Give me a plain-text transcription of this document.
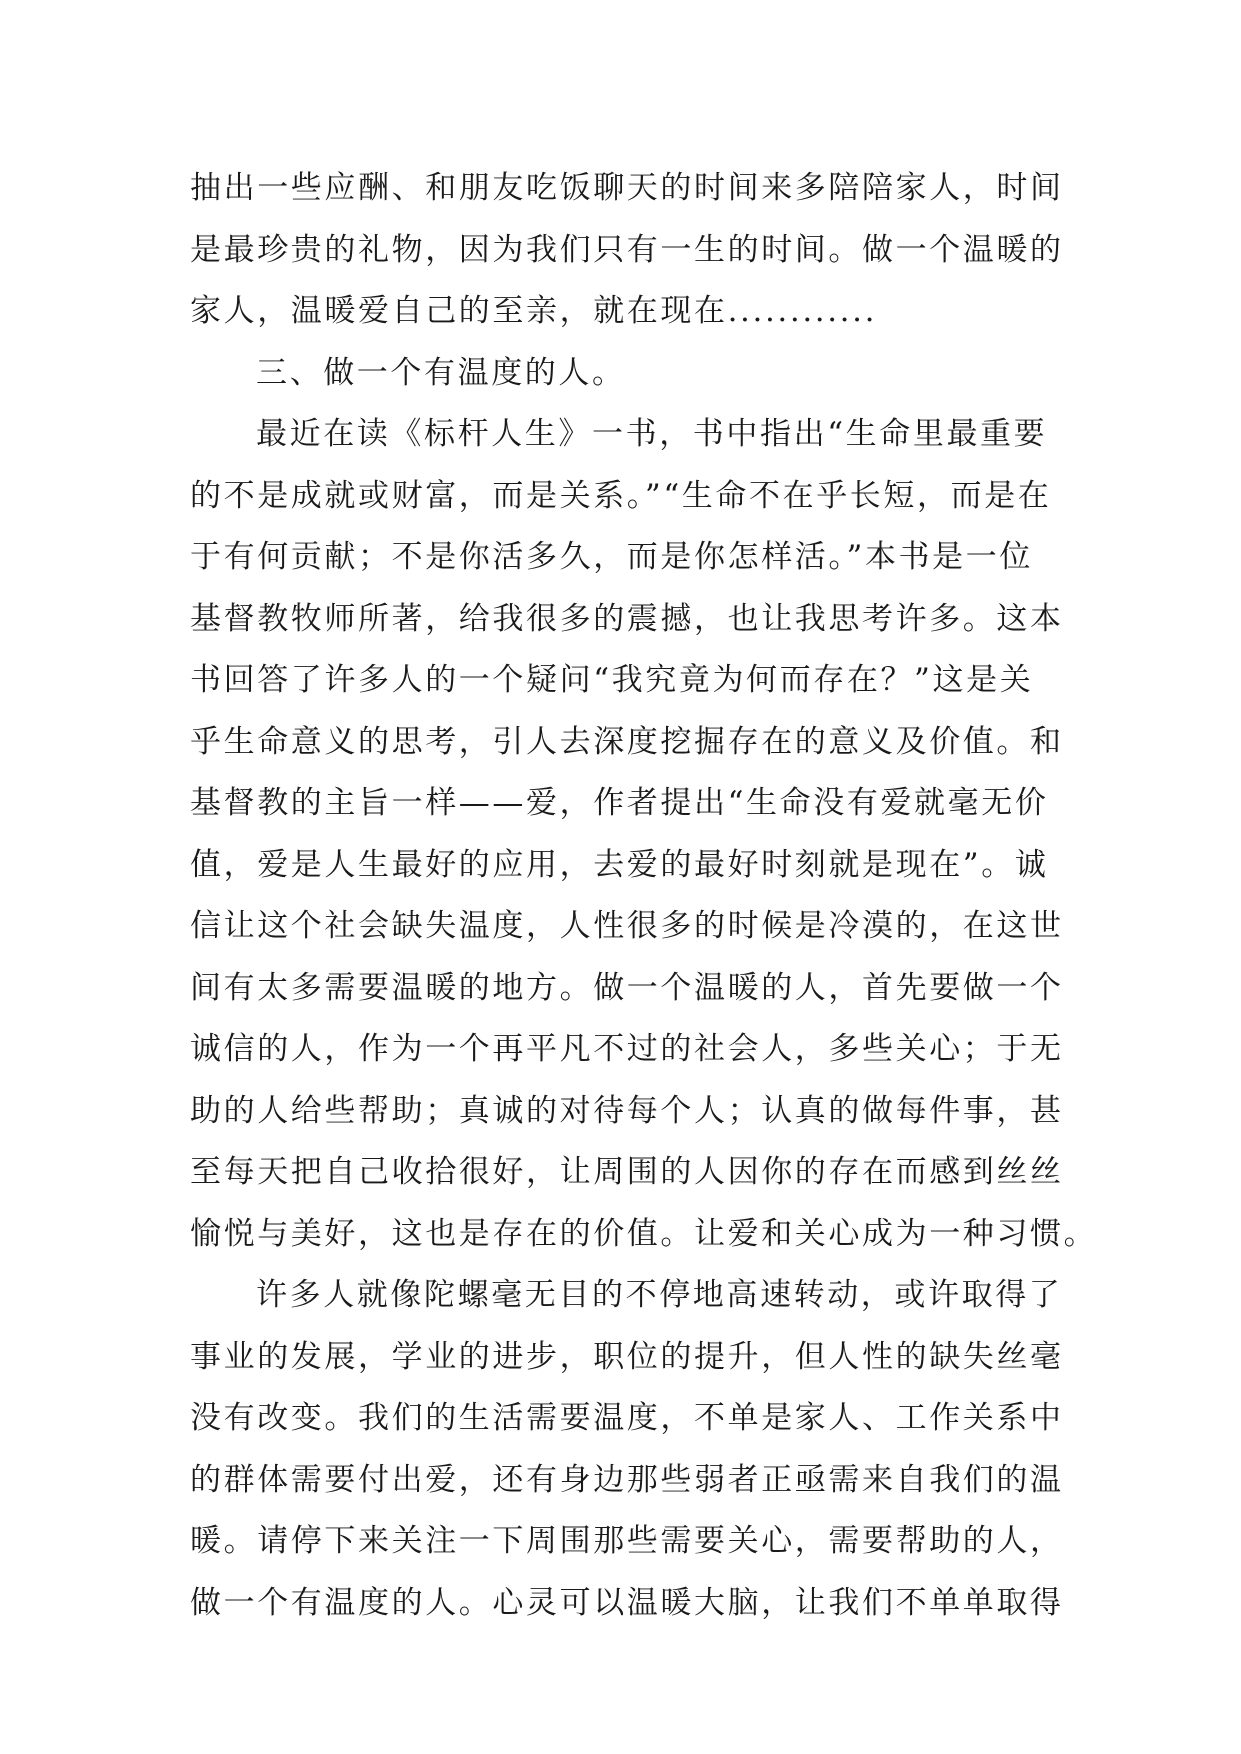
抽出一些应酬、和朋友吃饭聊天的时间来多陪陪家人，时间
是最珍贵的礼物，因为我们只有一生的时间。做一个温暖的
家人，温暖爱自己的至亲，就在现在............
三、做一个有温度的人。
最近在读《标杆人生》一书，书中指出“生命里最重要
的不是成就或财富，而是关系。”“生命不在乎长短，而是在
于有何贡献；不是你活多久，而是你怎样活。”本书是一位
基督教牧师所著，给我很多的震撼，也让我思考许多。这本
书回答了许多人的一个疑问“我究竟为何而存在？”这是关
乎生命意义的思考，引人去深度挖掘存在的意义及价值。和
基督教的主旨一样——爱，作者提出“生命没有爱就毫无价
值，爱是人生最好的应用，去爱的最好时刻就是现在”。诚
信让这个社会缺失温度，人性很多的时候是冷漠的，在这世
间有太多需要温暖的地方。做一个温暖的人，首先要做一个
诚信的人，作为一个再平凡不过的社会人，多些关心；于无
助的人给些帮助；真诚的对待每个人；认真的做每件事，甚
至每天把自己收拾很好，让周围的人因你的存在而感到丝丝
愉悦与美好，这也是存在的价值。让爱和关心成为一种习惯。
许多人就像陀螺毫无目的不停地高速转动，或许取得了
事业的发展，学业的进步，职位的提升，但人性的缺失丝毫
没有改变。我们的生活需要温度，不单是家人、工作关系中
的群体需要付出爱，还有身边那些弱者正亟需来自我们的温
暖。请停下来关注一下周围那些需要关心，需要帮助的人，
做一个有温度的人。心灵可以温暖大脑，让我们不单单取得
